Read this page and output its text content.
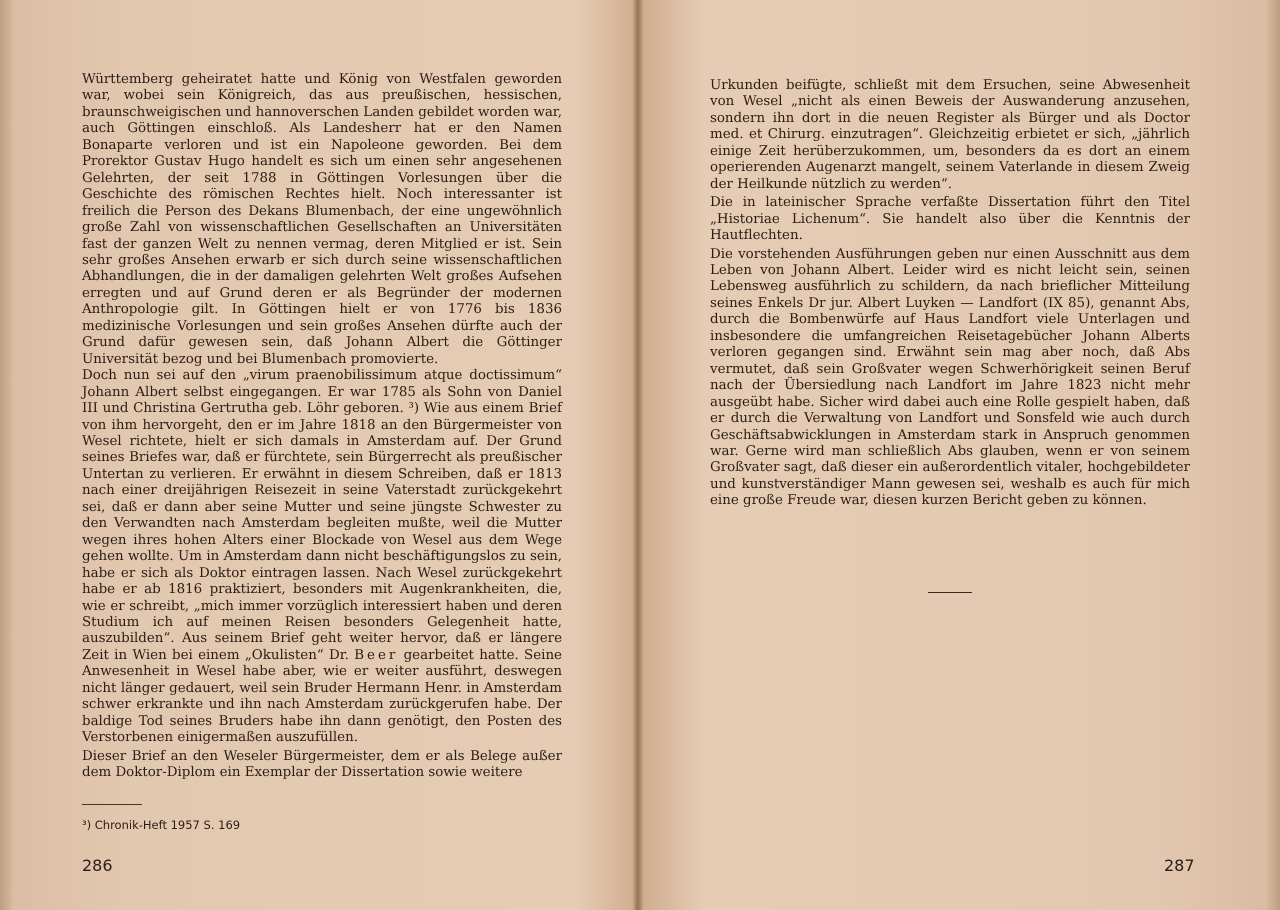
Württemberg geheiratet hatte und König von Westfalen geworden war, wobei sein Königreich, das aus preußischen, hessischen, braunschweigischen und hannoverschen Landen gebildet worden war, auch Göttingen einschloß. Als Landesherr hat er den Namen Bonaparte verloren und ist ein Napoleone geworden. Bei dem Prorektor Gustav Hugo handelt es sich um einen sehr angesehenen Gelehrten, der seit 1788 in Göttingen Vorlesungen über die Geschichte des römischen Rechtes hielt. Noch interessanter ist freilich die Person des Dekans Blumenbach, der eine ungewöhnlich große Zahl von wissenschaftlichen Gesellschaften an Universitäten fast der ganzen Welt zu nennen vermag, deren Mitglied er ist. Sein sehr großes Ansehen erwarb er sich durch seine wissenschaftlichen Abhandlungen, die in der damaligen gelehrten Welt großes Aufsehen erregten und auf Grund deren er als Begründer der modernen Anthropologie gilt. In Göttingen hielt er von 1776 bis 1836 medizinische Vorlesungen und sein großes Ansehen dürfte auch der Grund dafür gewesen sein, daß Johann Albert die Göttinger Universität bezog und bei Blumenbach promovierte.

Doch nun sei auf den „virum praenobilissimum atque doctissimum“ Johann Albert selbst eingegangen. Er war 1785 als Sohn von Daniel III und Christina Gertrutha geb. Löhr geboren. ³) Wie aus einem Brief von ihm hervorgeht, den er im Jahre 1818 an den Bürgermeister von Wesel richtete, hielt er sich damals in Amsterdam auf. Der Grund seines Briefes war, daß er fürchtete, sein Bürgerrecht als preußischer Untertan zu verlieren. Er erwähnt in diesem Schreiben, daß er 1813 nach einer dreijährigen Reisezeit in seine Vaterstadt zurückgekehrt sei, daß er dann aber seine Mutter und seine jüngste Schwester zu den Verwandten nach Amsterdam begleiten mußte, weil die Mutter wegen ihres hohen Alters einer Blockade von Wesel aus dem Wege gehen wollte. Um in Amsterdam dann nicht beschäftigungslos zu sein, habe er sich als Doktor eintragen lassen. Nach Wesel zurückgekehrt habe er ab 1816 praktiziert, besonders mit Augenkrankheiten, die, wie er schreibt, „mich immer vorzüglich interessiert haben und deren Studium ich auf meinen Reisen besonders Gelegenheit hatte, auszubilden“. Aus seinem Brief geht weiter hervor, daß er längere Zeit in Wien bei einem „Okulisten“ Dr. Beer gearbeitet hatte. Seine Anwesenheit in Wesel habe aber, wie er weiter ausführt, deswegen nicht länger gedauert, weil sein Bruder Hermann Henr. in Amsterdam schwer erkrankte und ihn nach Amsterdam zurückgerufen habe. Der baldige Tod seines Bruders habe ihn dann genötigt, den Posten des Verstorbenen einigermaßen auszufüllen.

Dieser Brief an den Weseler Bürgermeister, dem er als Belege außer dem Doktor-Diplom ein Exemplar der Dissertation sowie weitere

³) Chronik-Heft 1957 S. 169
286

Urkunden beifügte, schließt mit dem Ersuchen, seine Abwesenheit von Wesel „nicht als einen Beweis der Auswanderung anzusehen, sondern ihn dort in die neuen Register als Bürger und als Doctor med. et Chirurg. einzutragen“. Gleichzeitig erbietet er sich, „jährlich einige Zeit herüberzukommen, um, besonders da es dort an einem operierenden Augenarzt mangelt, seinem Vaterlande in diesem Zweig der Heilkunde nützlich zu werden“.

Die in lateinischer Sprache verfaßte Dissertation führt den Titel „Historiae Lichenum“. Sie handelt also über die Kenntnis der Hautflechten.

Die vorstehenden Ausführungen geben nur einen Ausschnitt aus dem Leben von Johann Albert. Leider wird es nicht leicht sein, seinen Lebensweg ausführlich zu schildern, da nach brieflicher Mitteilung seines Enkels Dr jur. Albert Luyken — Landfort (IX 85), genannt Abs, durch die Bombenwürfe auf Haus Landfort viele Unterlagen und insbesondere die umfangreichen Reisetagebücher Johann Alberts verloren gegangen sind. Erwähnt sein mag aber noch, daß Abs vermutet, daß sein Großvater wegen Schwerhörigkeit seinen Beruf nach der Übersiedlung nach Landfort im Jahre 1823 nicht mehr ausgeübt habe. Sicher wird dabei auch eine Rolle gespielt haben, daß er durch die Verwaltung von Landfort und Sonsfeld wie auch durch Geschäftsabwicklungen in Amsterdam stark in Anspruch genommen war. Gerne wird man schließlich Abs glauben, wenn er von seinem Großvater sagt, daß dieser ein außerordentlich vitaler, hochgebildeter und kunstverständiger Mann gewesen sei, weshalb es auch für mich eine große Freude war, diesen kurzen Bericht geben zu können.

287
